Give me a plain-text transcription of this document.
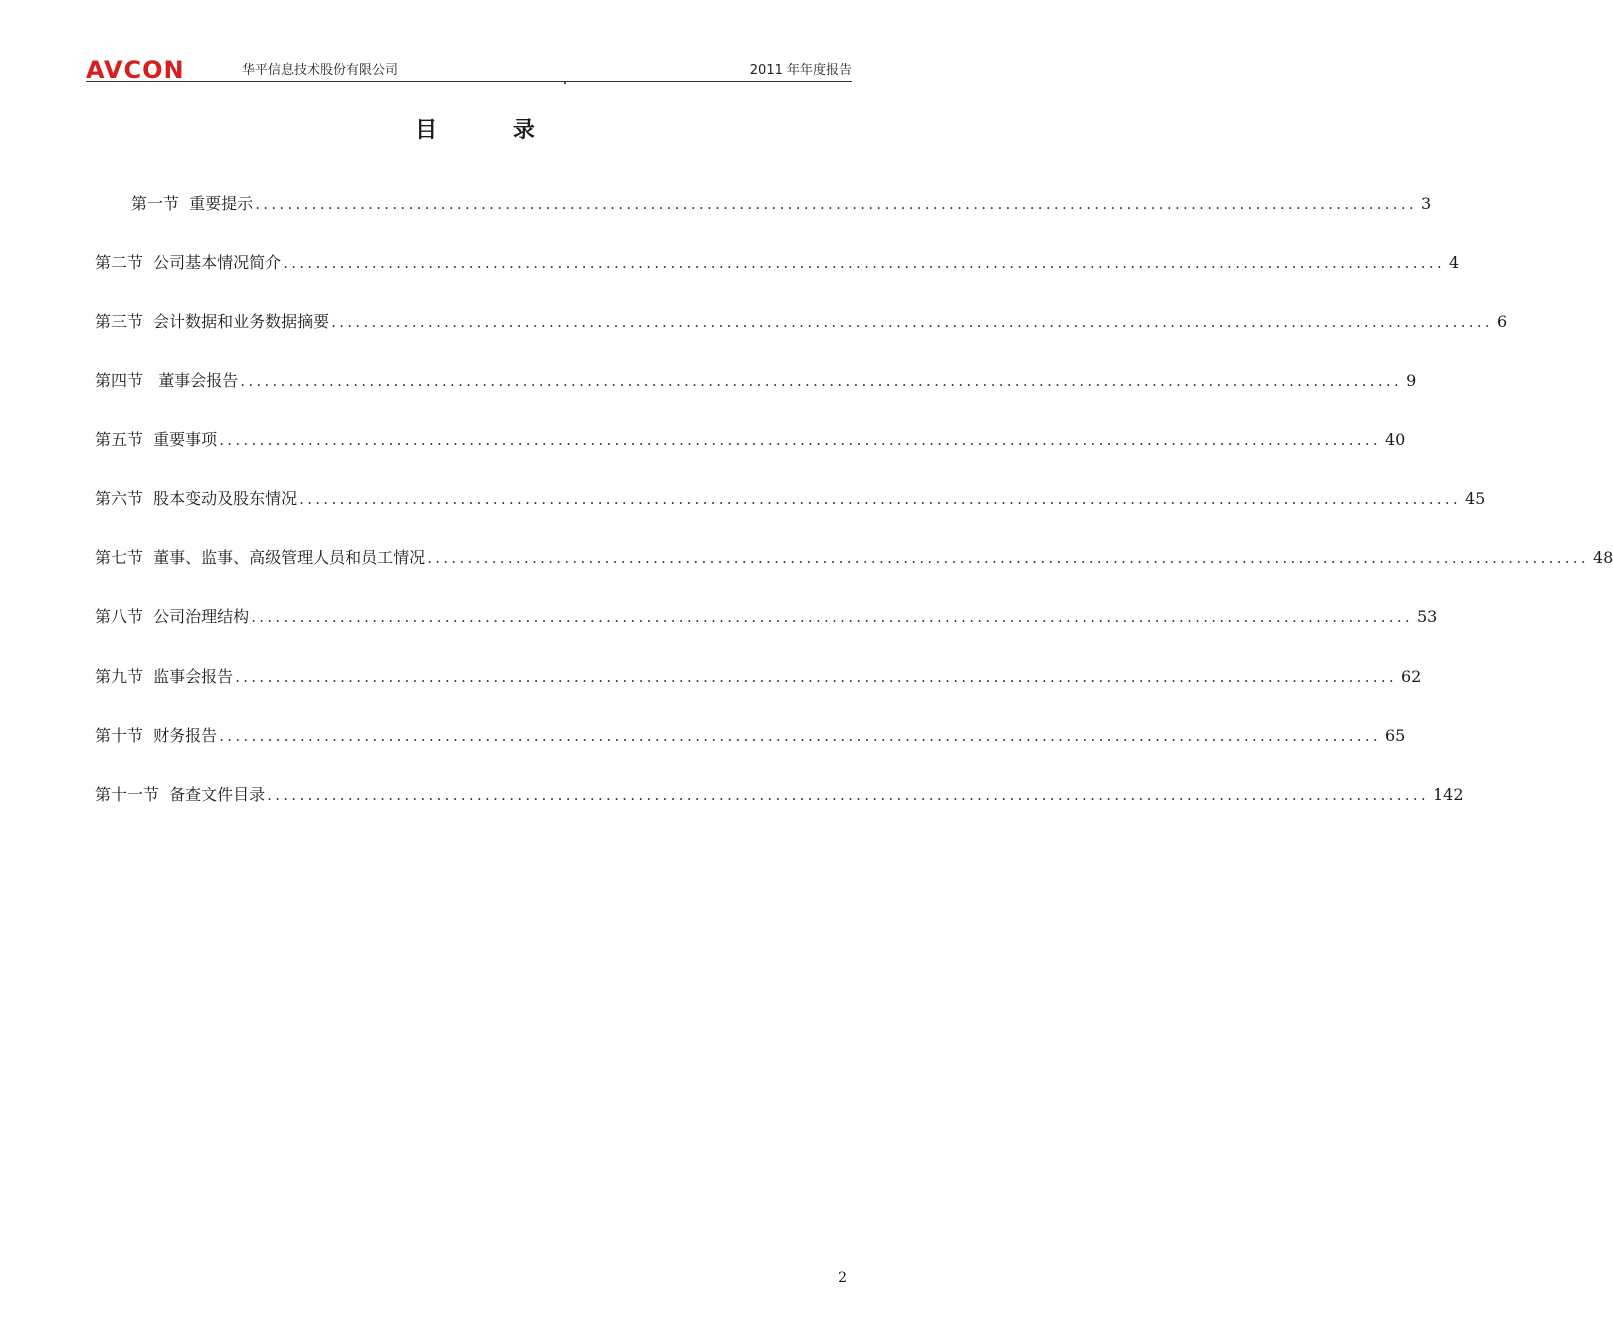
AVCON	华平信息技术股份有限公司	2011 年年度报告
目 录
第一节  重要提示 ................................................................................................................................................ 3
第二节  公司基本情况简介 ................................................................................................................................................ 4
第三节  会计数据和业务数据摘要 ................................................................................................................................................ 6
第四节   董事会报告 ................................................................................................................................................ 9
第五节  重要事项 ................................................................................................................................................ 40
第六节  股本变动及股东情况 ................................................................................................................................................ 45
第七节  董事、监事、高级管理人员和员工情况 ................................................................................................................................................ 48
第八节  公司治理结构 ................................................................................................................................................ 53
第九节  监事会报告 ................................................................................................................................................ 62
第十节  财务报告 ................................................................................................................................................ 65
第十一节  备查文件目录 ................................................................................................................................................ 142
2
